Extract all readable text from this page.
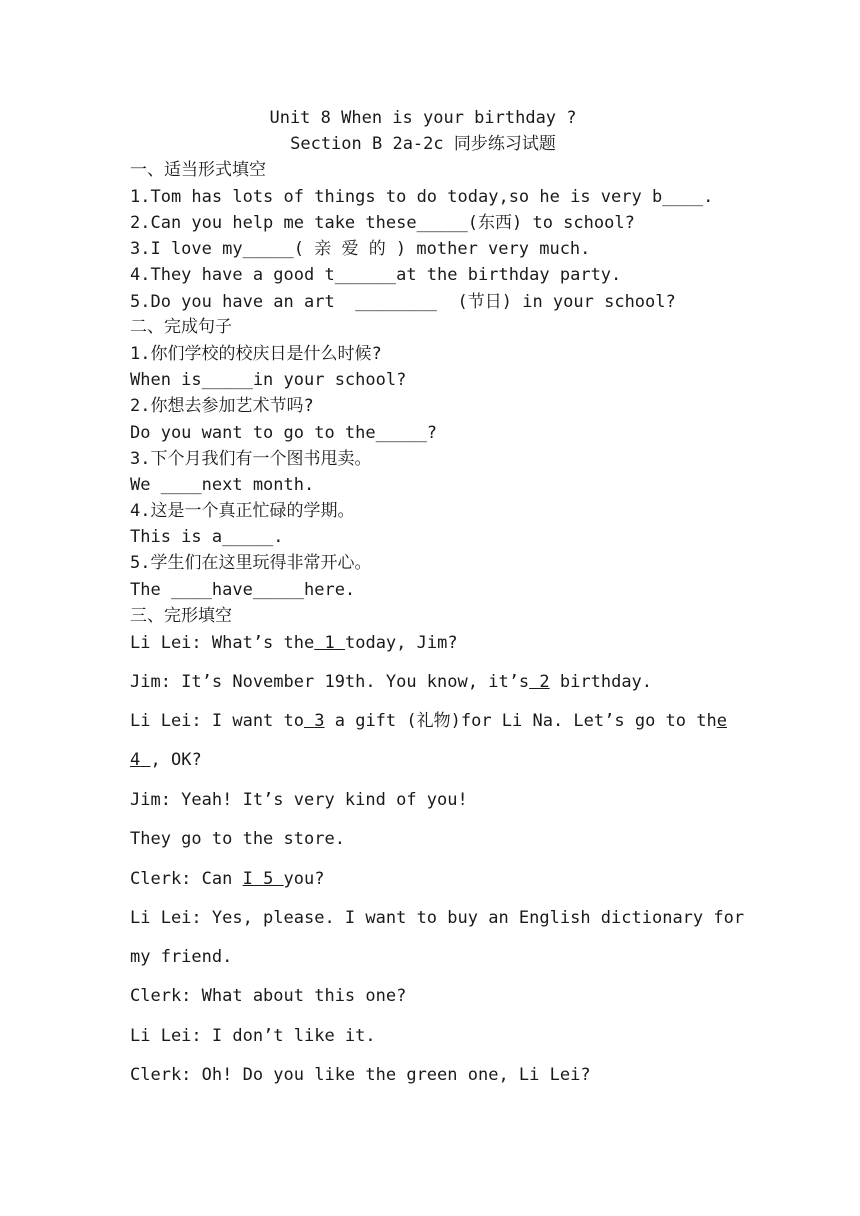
Unit 8 When is your birthday ?
Section B 2a-2c 同步练习试题
一、适当形式填空
1.Tom has lots of things to do today,so he is very b____.
2.Can you help me take these_____(东西) to school?
3.I love my_____( 亲 爱 的 ) mother very much.
4.They have a good t______at the birthday party.
5.Do you have an art  ________  (节日) in your school?
二、完成句子
1.你们学校的校庆日是什么时候?
When is_____in your school?
2.你想去参加艺术节吗?
Do you want to go to the_____?
3.下个月我们有一个图书甩卖。
We ____next month.
4.这是一个真正忙碌的学期。
This is a_____.
5.学生们在这里玩得非常开心。
The ____have_____here.
三、完形填空
Li Lei: What’s the 1 today, Jim?
Jim: It’s November 19th. You know, it’s 2 birthday.
Li Lei: I want to 3 a gift (礼物)for Li Na. Let’s go to the
4 , OK?
Jim: Yeah! It’s very kind of you!
They go to the store.
Clerk: Can I 5 you?
Li Lei: Yes, please. I want to buy an English dictionary for
my friend.
Clerk: What about this one?
Li Lei: I don’t like it.
Clerk: Oh! Do you like the green one, Li Lei?
